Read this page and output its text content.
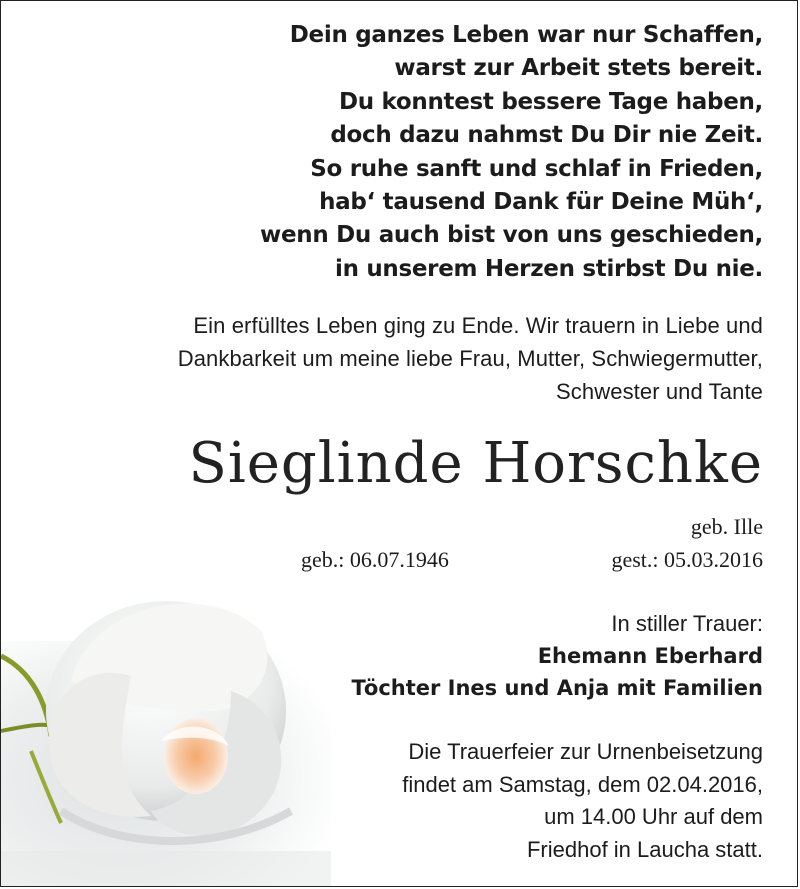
Dein ganzes Leben war nur Schaffen,
warst zur Arbeit stets bereit.
Du konntest bessere Tage haben,
doch dazu nahmst Du Dir nie Zeit.
So ruhe sanft und schlaf in Frieden,
hab‘ tausend Dank für Deine Müh‘,
wenn Du auch bist von uns geschieden,
in unserem Herzen stirbst Du nie.
Ein erfülltes Leben ging zu Ende. Wir trauern in Liebe und
Dankbarkeit um meine liebe Frau, Mutter, Schwiegermutter,
Schwester und Tante
Sieglinde Horschke
geb. Ille
geb.: 06.07.1946	gest.: 05.03.2016
In stiller Trauer:
Ehemann Eberhard
Töchter Ines und Anja mit Familien
Die Trauerfeier zur Urnenbeisetzung
findet am Samstag, dem 02.04.2016,
um 14.00 Uhr auf dem
Friedhof in Laucha statt.
